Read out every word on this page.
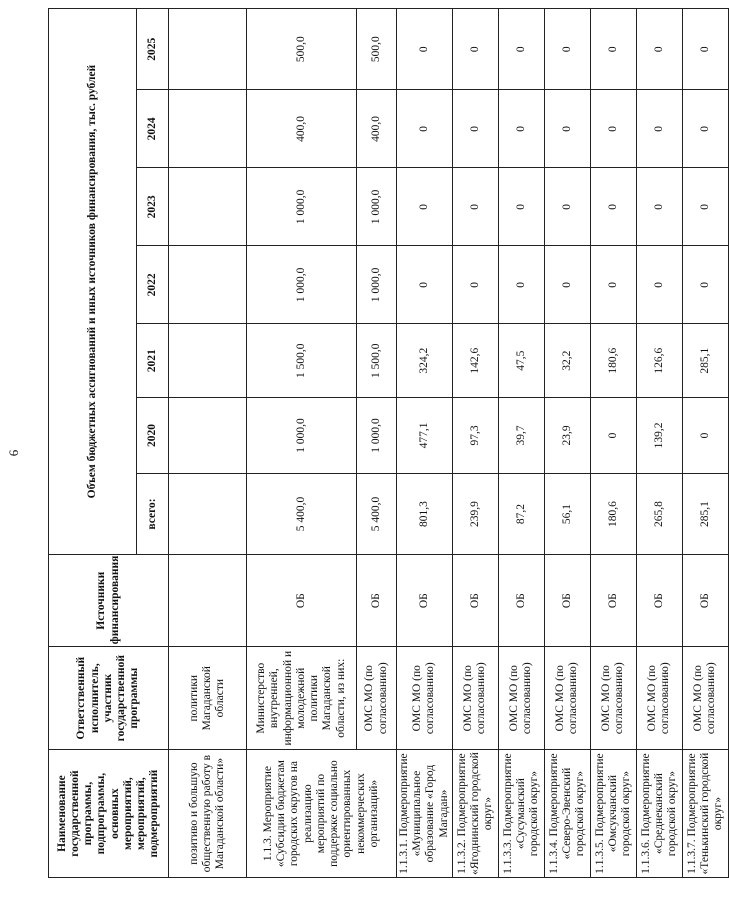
6
Наименование государственной программы, подпрограммы, основных мероприятий, мероприятий, подмероприятий	Ответственный исполнитель, участник государственной программы	Источники финансирования	Объем бюджетных ассигнований и иных источников финансирования, тыс. рублей						
			всего:	2020	2021	2022	2023	2024	2025
позитиво и большую общественную работу в Магаданской области»	политики Магаданской области								
1.1.3. Мероприятие «Субсидии бюджетам городских округов на реализацию мероприятий по поддержке социально ориентированных некоммерческих организаций»	Министерство внутренней, информационной и молодежной политики Магаданской области, из них:	ОБ	5 400,0	1 000,0	1 500,0	1 000,0	1 000,0	400,0	500,0
	ОМС МО (по согласованию)	ОБ	5 400,0	1 000,0	1 500,0	1 000,0	1 000,0	400,0	500,0
1.1.3.1. Подмероприятие «Муниципальное образование «Город Магадан»	ОМС МО (по согласованию)	ОБ	801,3	477,1	324,2	0	0	0	0
1.1.3.2. Подмероприятие «Ягоднинский городской округ»	ОМС МО (по согласованию)	ОБ	239,9	97,3	142,6	0	0	0	0
1.1.3.3. Подмероприятие «Сусуманский городской округ»	ОМС МО (по согласованию)	ОБ	87,2	39,7	47,5	0	0	0	0
1.1.3.4. Подмероприятие «Северо-Эвенский городской округ»	ОМС МО (по согласованию)	ОБ	56,1	23,9	32,2	0	0	0	0
1.1.3.5. Подмероприятие «Омсукчанский городской округ»	ОМС МО (по согласованию)	ОБ	180,6	0	180,6	0	0	0	0
1.1.3.6. Подмероприятие «Среднеканский городской округ»	ОМС МО (по согласованию)	ОБ	265,8	139,2	126,6	0	0	0	0
1.1.3.7. Подмероприятие «Тенькинский городской округ»	ОМС МО (по согласованию)	ОБ	285,1	0	285,1	0	0	0	0
